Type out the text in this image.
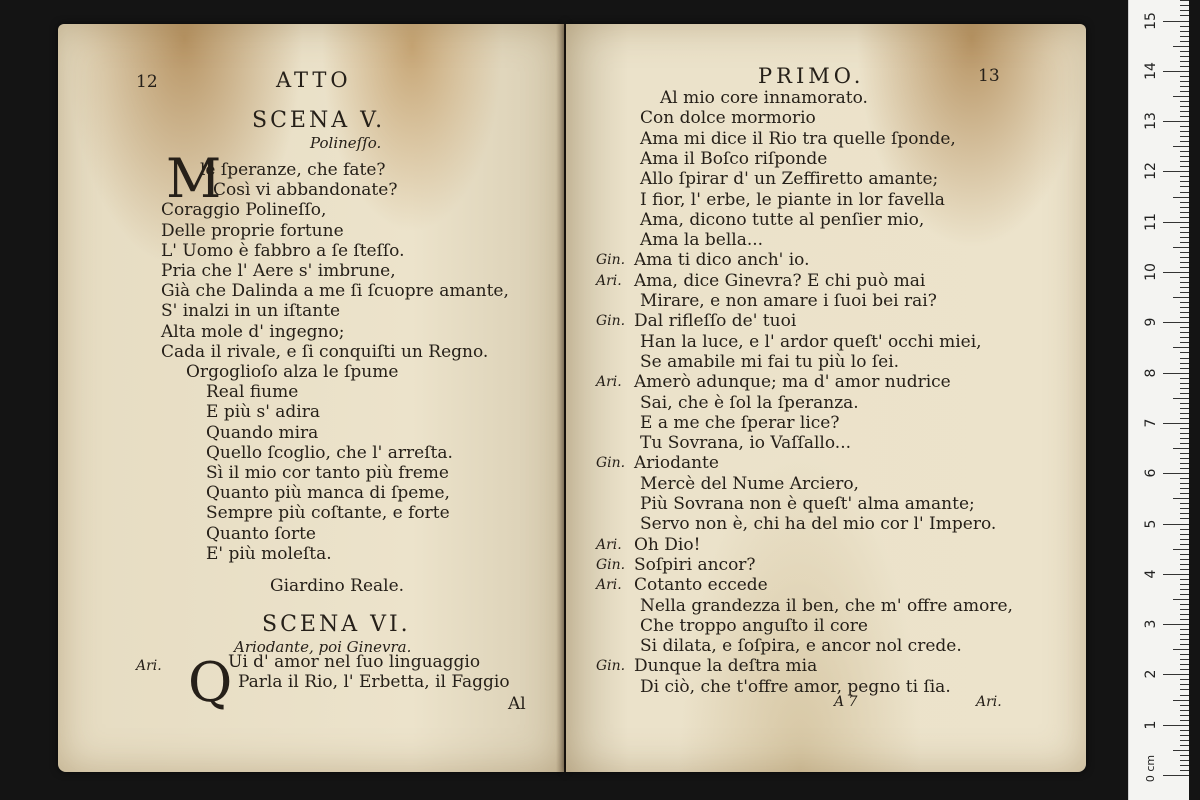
12	ATTO
SCENA V.
Polineſſo.
M
le ſperanze, che fate?
Così vi abbandonate?
Coraggio Polineſſo,
Delle proprie fortune
L' Uomo è fabbro a ſe ſteſſo.
Pria che l' Aere s' imbrune,
Già che Dalinda a me ſi ſcuopre amante,
S' inalzi in un iſtante
Alta mole d' ingegno;
Cada il rivale, e ſi conquiſti un Regno.
Orgoglioſo alza le ſpume
Real fiume
E più s' adira
Quando mira
Quello ſcoglio, che l' arreſta.
Sì il mio cor tanto più freme
Quanto più manca di ſpeme,
Sempre più coſtante, e forte
Quanto ſorte
E' più moleſta.
Giardino Reale.
SCENA VI.
Ariodante, poi Ginevra.
Ari. Q
Ui d' amor nel ſuo linguaggio
Parla il Rio, l' Erbetta, il Faggio
Al
PRIMO.	13
Al mio core innamorato.
Con dolce mormorio
Ama mi dice il Rio tra quelle ſponde,
Ama il Boſco riſponde
Allo ſpirar d' un Zeffiretto amante;
I fior, l' erbe, le piante in lor favella
Ama, dicono tutte al penſier mio,
Ama la bella...
Gin. Ama ti dico anch' io.
Ari. Ama, dice Ginevra? E chi può mai
Mirare, e non amare i ſuoi bei rai?
Gin. Dal rifleſſo de' tuoi
Han la luce, e l' ardor queſt' occhi miei,
Se amabile mi fai tu più lo ſei.
Ari. Amerò adunque; ma d' amor nudrice
Sai, che è ſol la ſperanza.
E a me che ſperar lice?
Tu Sovrana, io Vaſſallo...
Gin. Ariodante
Mercè del Nume Arciero,
Più Sovrana non è queſt' alma amante;
Servo non è, chi ha del mio cor l' Impero.
Ari. Oh Dio!
Gin. Soſpiri ancor?
Ari. Cotanto eccede
Nella grandezza il ben, che m' offre amore,
Che troppo anguſto il core
Si dilata, e ſoſpira, e ancor nol crede.
Gin. Dunque la deſtra mia
Di ciò, che t'offre amor, pegno ti ſia.
A 7	Ari.
0 cm
1
2
3
4
5
6
7
8
9
10
11
12
13
14
15
